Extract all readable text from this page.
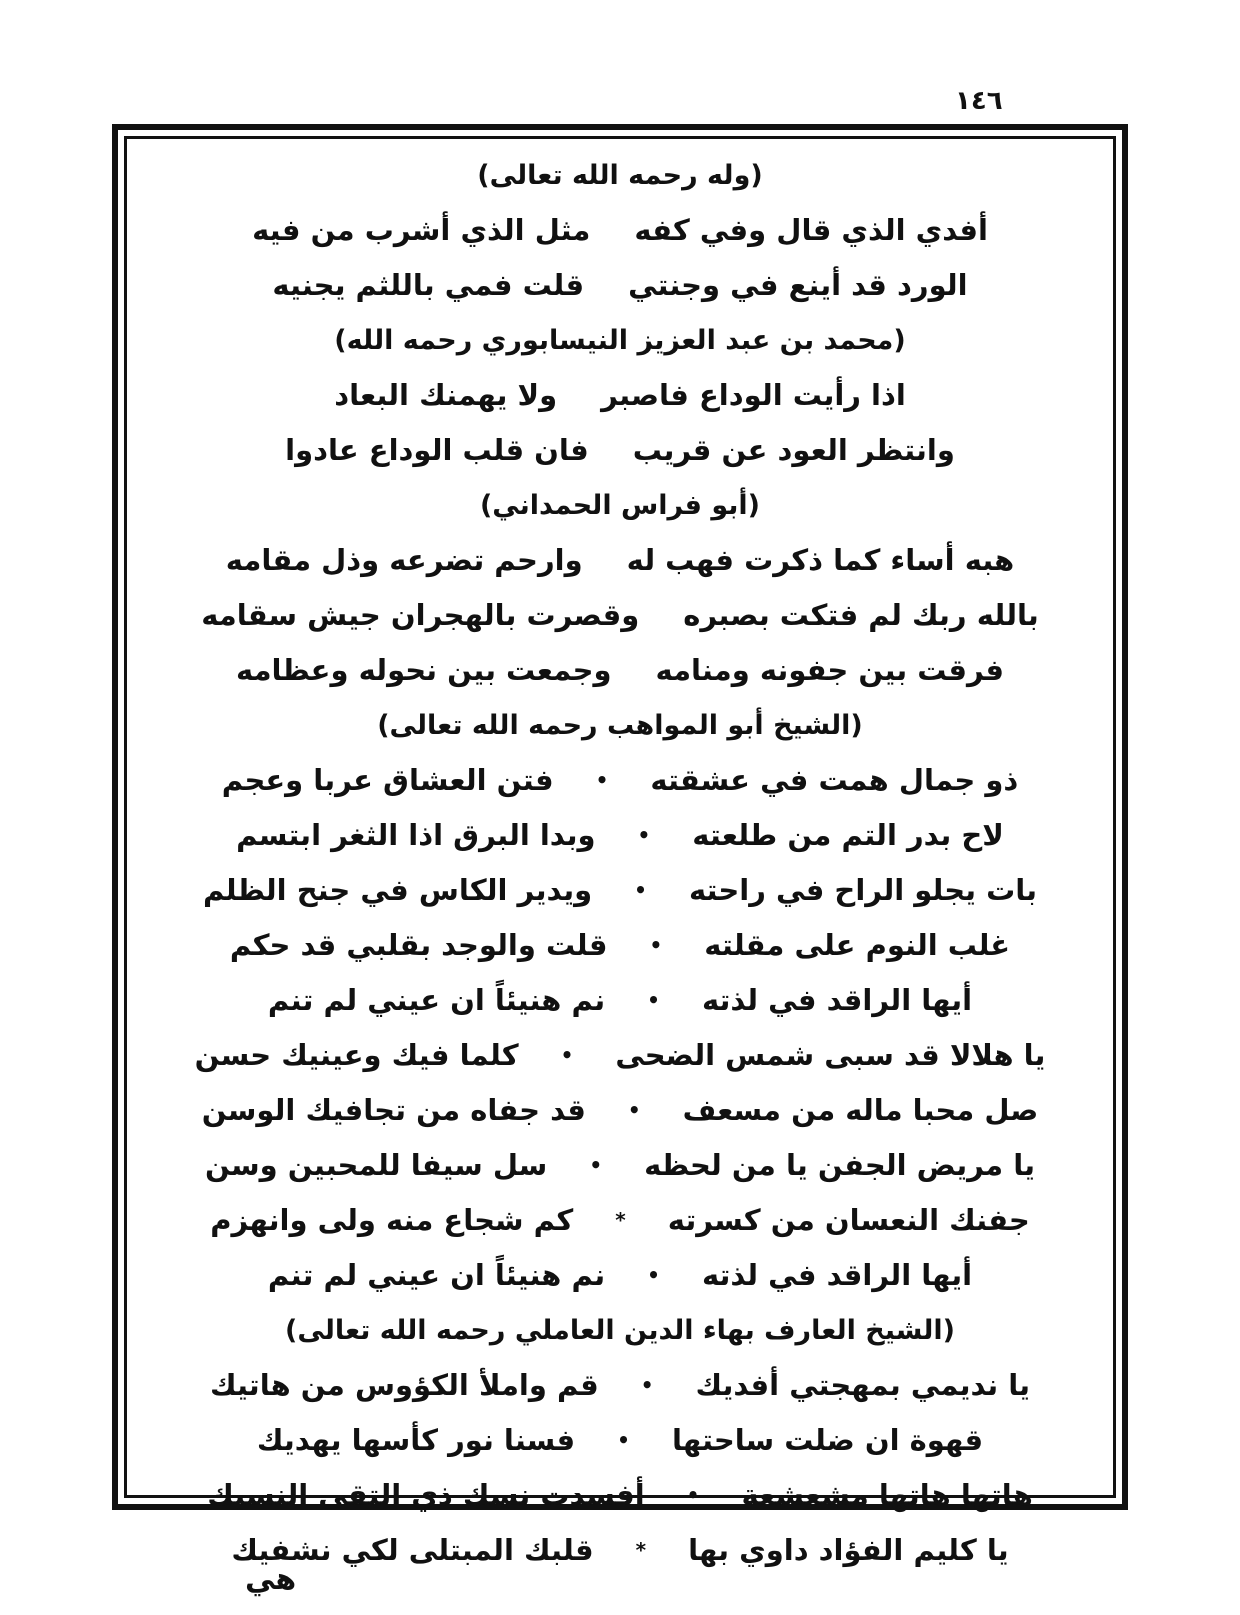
١٤٦
(وله رحمه الله تعالى)
أفدي الذي قال وفي كفه
مثل الذي أشرب من فيه
الورد قد أينع في وجنتي
قلت فمي باللثم يجنيه
(محمد بن عبد العزيز النيسابوري رحمه الله)
اذا رأيت الوداع فاصبر
ولا يهمنك البعاد
وانتظر العود عن قريب
فان قلب الوداع عادوا
(أبو فراس الحمداني)
هبه أساء كما ذكرت فهب له
وارحم تضرعه وذل مقامه
بالله ربك لم فتكت بصبره
وقصرت بالهجران جيش سقامه
فرقت بين جفونه ومنامه
وجمعت بين نحوله وعظامه
(الشيخ أبو المواهب رحمه الله تعالى)
ذو جمال همت في عشقته
•
فتن العشاق عربا وعجم
لاح بدر التم من طلعته
•
وبدا البرق اذا الثغر ابتسم
بات يجلو الراح في راحته
•
ويدير الكاس في جنح الظلم
غلب النوم على مقلته
•
قلت والوجد بقلبي قد حكم
أيها الراقد في لذته
•
نم هنيئاً ان عيني لم تنم
يا هلالا قد سبى شمس الضحى
•
كلما فيك وعينيك حسن
صل محبا ماله من مسعف
•
قد جفاه من تجافيك الوسن
يا مريض الجفن يا من لحظه
•
سل سيفا للمحبين وسن
جفنك النعسان من كسرته
*
كم شجاع منه ولى وانهزم
أيها الراقد في لذته
•
نم هنيئاً ان عيني لم تنم
(الشيخ العارف بهاء الدين العاملي رحمه الله تعالى)
يا نديمي بمهجتي أفديك
•
قم واملأ الكؤوس من هاتيك
قهوة ان ضلت ساحتها
•
فسنا نور كأسها يهديك
هاتها هاتها مشعشعة
•
أفسدت نسك ذي التقى النسيك
يا كليم الفؤاد داوي بها
*
قلبك المبتلى لكي نشفيك
هي
